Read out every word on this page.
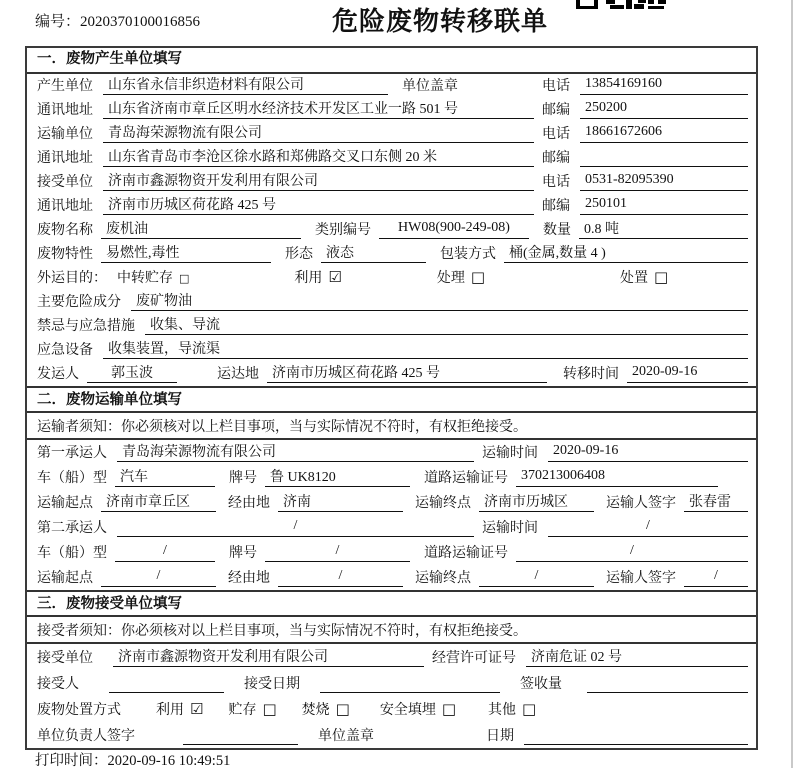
编号：2020370100016856	危险废物转移联单
一．废物产生单位填写
产生单位	山东省永信非织造材料有限公司	单位盖章	电话	13854169160
通讯地址	山东省济南市章丘区明水经济技术开发区工业一路 501 号	邮编	250200
运输单位	青岛海荣源物流有限公司	电话	18661672606
通讯地址	山东省青岛市李沧区徐水路和郑佛路交叉口东侧 20 米	邮编
接受单位	济南市鑫源物资开发利用有限公司	电话	0531-82095390
通讯地址	济南市历城区荷花路 425 号	邮编	250101
废物名称 废机油	类别编号	HW08(900-249-08)	数量 0.8 吨
废物特性 易燃性,毒性	形态 液态	包装方式 桶(金属,数量 4 )
外运目的： 中转贮存 □	利用 ☑	处理 □	处置 □
主要危险成分	废矿物油
禁忌与应急措施	收集、导流
应急设备	收集装置，导流渠
发运人	郭玉波	运达地 济南市历城区荷花路 425 号	转移时间 2020-09-16
二．废物运输单位填写
运输者须知：你必须核对以上栏目事项，当与实际情况不符时，有权拒绝接受。
第一承运人	青岛海荣源物流有限公司	运输时间	2020-09-16
车（船）型 汽车	牌号 鲁 UK8120	道路运输证号 370213006408
运输起点 济南市章丘区	经由地 济南	运输终点 济南市历城区	运输人签字 张春雷
第二承运人	/	运输时间	/
车（船）型	/	牌号	/	道路运输证号	/
运输起点	/	经由地	/	运输终点	/	运输人签字	/
三．废物接受单位填写
接受者须知：你必须核对以上栏目事项，当与实际情况不符时，有权拒绝接受。
接受单位	济南市鑫源物资开发利用有限公司	经营许可证号	济南危证 02 号
接受人	接受日期	签收量
废物处置方式	利用 ☑ 贮存 □ 焚烧 □ 安全填埋 □ 其他 □
单位负责人签字	单位盖章	日期
打印时间：2020-09-16 10:49:51
